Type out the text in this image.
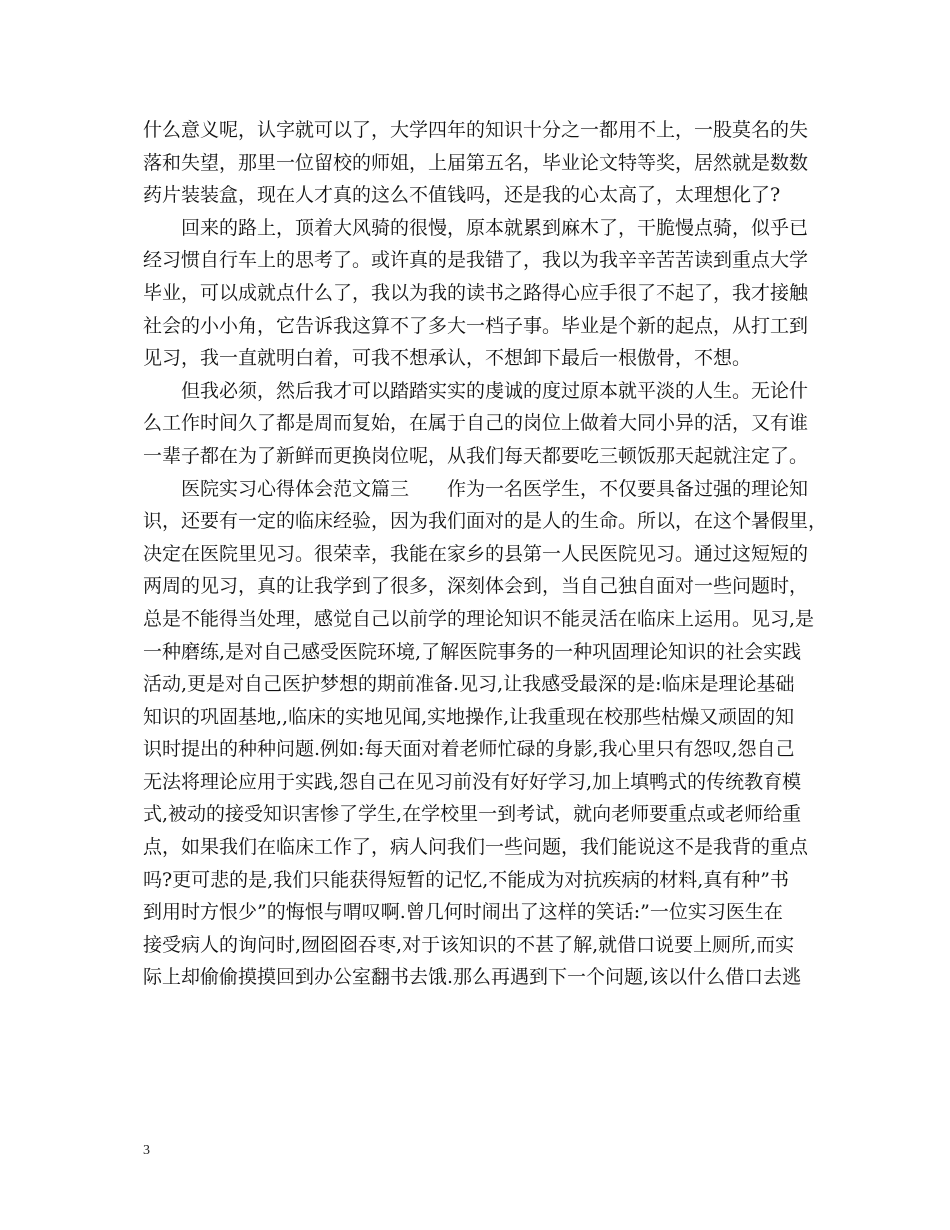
什么意义呢，认字就可以了，大学四年的知识十分之一都用不上，一股莫名的失
落和失望，那里一位留校的师姐，上届第五名，毕业论文特等奖，居然就是数数
药片装装盒，现在人才真的这么不值钱吗，还是我的心太高了，太理想化了?
　　回来的路上，顶着大风骑的很慢，原本就累到麻木了，干脆慢点骑，似乎已
经习惯自行车上的思考了。或许真的是我错了，我以为我辛辛苦苦读到重点大学
毕业，可以成就点什么了，我以为我的读书之路得心应手很了不起了，我才接触
社会的小小角，它告诉我这算不了多大一档子事。毕业是个新的起点，从打工到
见习，我一直就明白着，可我不想承认，不想卸下最后一根傲骨，不想。
　　但我必须，然后我才可以踏踏实实的虔诚的度过原本就平淡的人生。无论什
么工作时间久了都是周而复始，在属于自己的岗位上做着大同小异的活，又有谁
一辈子都在为了新鲜而更换岗位呢，从我们每天都要吃三顿饭那天起就注定了。
　　医院实习心得体会范文篇三　　作为一名医学生，不仅要具备过强的理论知
识，还要有一定的临床经验，因为我们面对的是人的生命。所以，在这个暑假里，
决定在医院里见习。很荣幸，我能在家乡的县第一人民医院见习。通过这短短的
两周的见习，真的让我学到了很多，深刻体会到，当自己独自面对一些问题时，
总是不能得当处理，感觉自己以前学的理论知识不能灵活在临床上运用。见习,是
一种磨练,是对自己感受医院环境,了解医院事务的一种巩固理论知识的社会实践
活动,更是对自己医护梦想的期前准备.见习,让我感受最深的是:临床是理论基础
知识的巩固基地,,临床的实地见闻,实地操作,让我重现在校那些枯燥又顽固的知
识时提出的种种问题.例如:每天面对着老师忙碌的身影,我心里只有怨叹,怨自己
无法将理论应用于实践,怨自己在见习前没有好好学习,加上填鸭式的传统教育模
式,被动的接受知识害惨了学生,在学校里一到考试，就向老师要重点或老师给重
点，如果我们在临床工作了，病人问我们一些问题，我们能说这不是我背的重点
吗?更可悲的是,我们只能获得短暂的记忆,不能成为对抗疾病的材料,真有种”书
到用时方恨少”的悔恨与喟叹啊.曾几何时闹出了这样的笑话:”一位实习医生在
接受病人的询问时,囫囵囵吞枣,对于该知识的不甚了解,就借口说要上厕所,而实
际上却偷偷摸摸回到办公室翻书去饿.那么再遇到下一个问题,该以什么借口去逃
3
